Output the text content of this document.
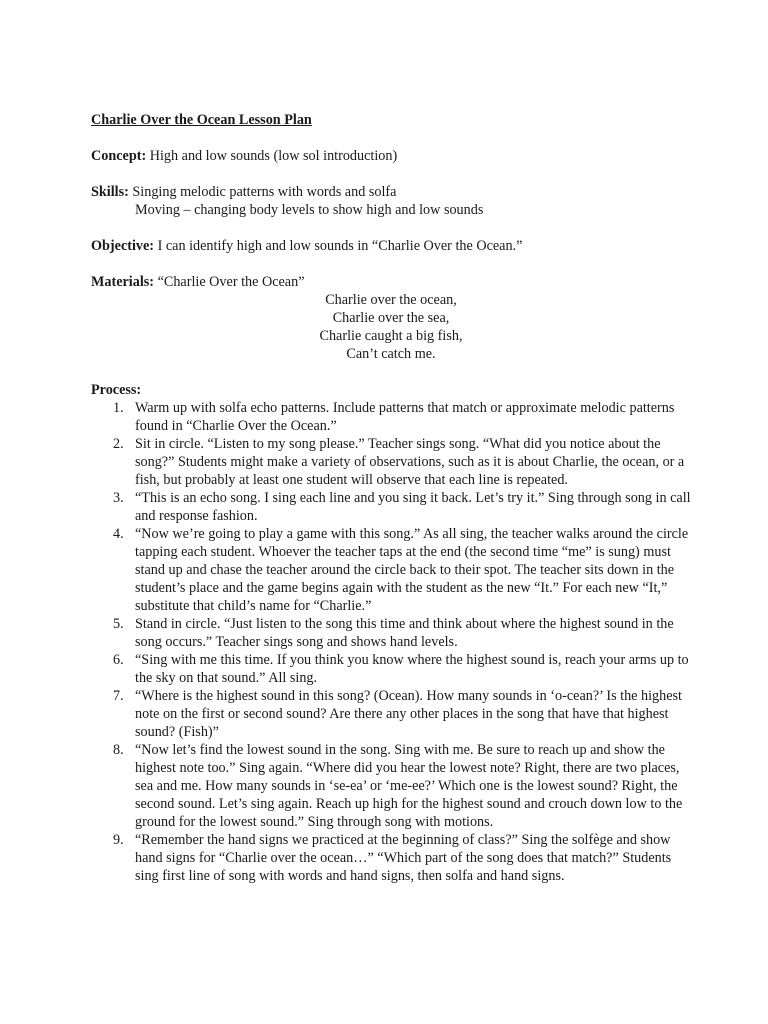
Charlie Over the Ocean Lesson Plan
Concept: High and low sounds (low sol introduction)
Skills: Singing melodic patterns with words and solfa
Moving – changing body levels to show high and low sounds
Objective: I can identify high and low sounds in “Charlie Over the Ocean.”
Materials: “Charlie Over the Ocean”
Charlie over the ocean,
Charlie over the sea,
Charlie caught a big fish,
Can’t catch me.
Process:
1. Warm up with solfa echo patterns. Include patterns that match or approximate melodic patterns found in “Charlie Over the Ocean.”
2. Sit in circle. “Listen to my song please.” Teacher sings song. “What did you notice about the song?” Students might make a variety of observations, such as it is about Charlie, the ocean, or a fish, but probably at least one student will observe that each line is repeated.
3. “This is an echo song. I sing each line and you sing it back. Let’s try it.” Sing through song in call and response fashion.
4. “Now we’re going to play a game with this song.” As all sing, the teacher walks around the circle tapping each student. Whoever the teacher taps at the end (the second time “me” is sung) must stand up and chase the teacher around the circle back to their spot. The teacher sits down in the student’s place and the game begins again with the student as the new “It.” For each new “It,” substitute that child’s name for “Charlie.”
5. Stand in circle. “Just listen to the song this time and think about where the highest sound in the song occurs.” Teacher sings song and shows hand levels.
6. “Sing with me this time. If you think you know where the highest sound is, reach your arms up to the sky on that sound.” All sing.
7. “Where is the highest sound in this song? (Ocean). How many sounds in ‘o-cean?’ Is the highest note on the first or second sound? Are there any other places in the song that have that highest sound? (Fish)”
8. “Now let’s find the lowest sound in the song. Sing with me. Be sure to reach up and show the highest note too.” Sing again. “Where did you hear the lowest note? Right, there are two places, sea and me. How many sounds in ‘se-ea’ or ‘me-ee?’ Which one is the lowest sound? Right, the second sound. Let’s sing again. Reach up high for the highest sound and crouch down low to the ground for the lowest sound.” Sing through song with motions.
9. “Remember the hand signs we practiced at the beginning of class?” Sing the solfège and show hand signs for “Charlie over the ocean…” “Which part of the song does that match?” Students sing first line of song with words and hand signs, then solfa and hand signs.
